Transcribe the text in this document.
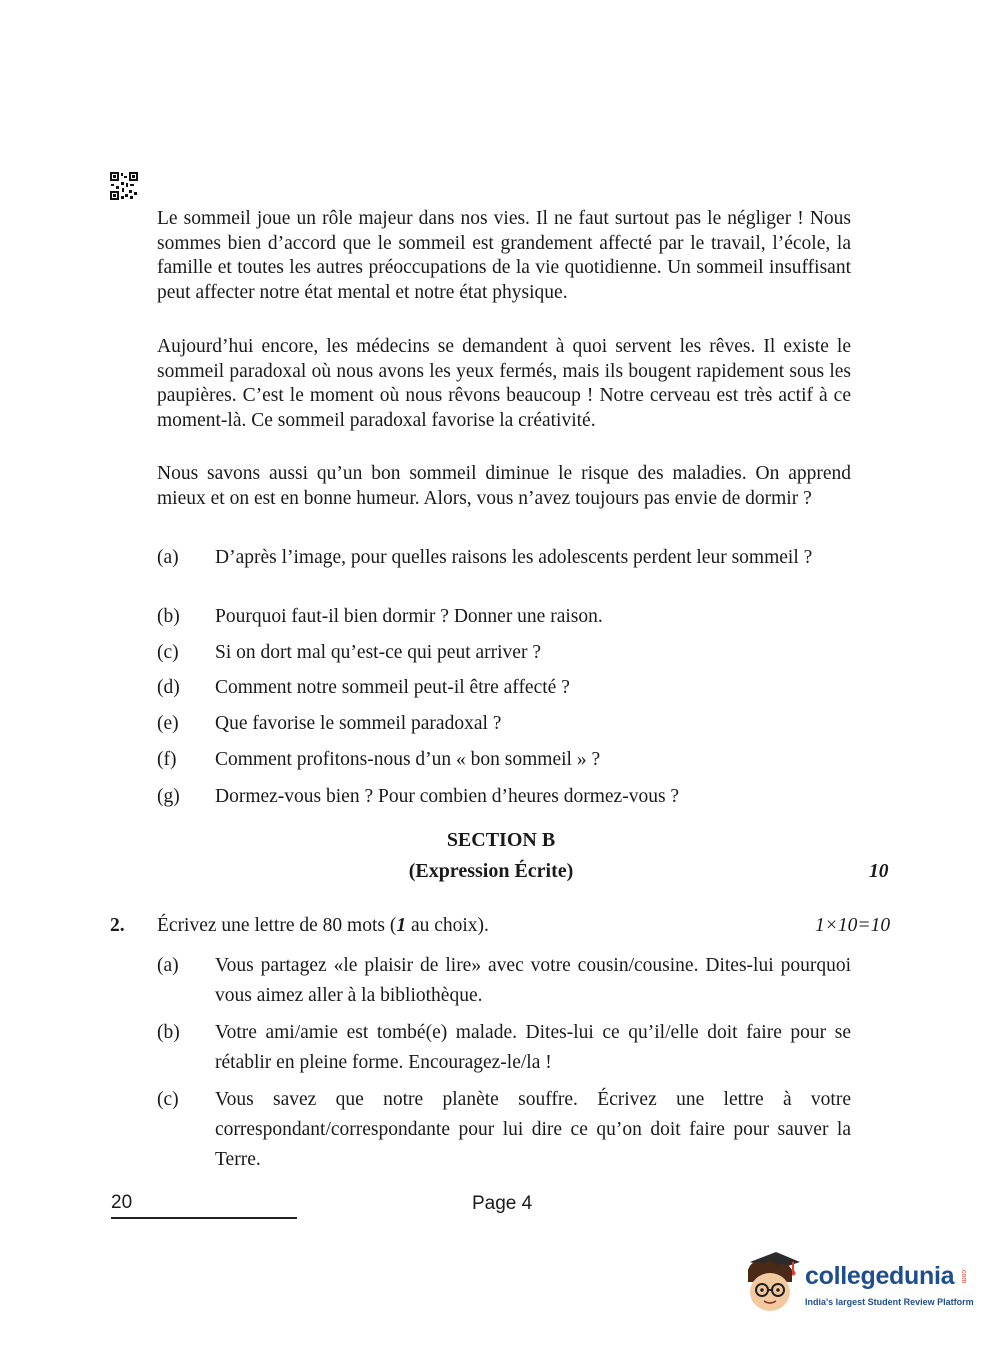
Le sommeil joue un rôle majeur dans nos vies. Il ne faut surtout pas le négliger ! Nous sommes bien d’accord que le sommeil est grandement affecté par le travail, l’école, la famille et toutes les autres préoccupations de la vie quotidienne. Un sommeil insuffisant peut affecter notre état mental et notre état physique.

Aujourd’hui encore, les médecins se demandent à quoi servent les rêves. Il existe le sommeil paradoxal où nous avons les yeux fermés, mais ils bougent rapidement sous les paupières. C’est le moment où nous rêvons beaucoup ! Notre cerveau est très actif à ce moment-là. Ce sommeil paradoxal favorise la créativité.

Nous savons aussi qu’un bon sommeil diminue le risque des maladies. On apprend mieux et on est en bonne humeur. Alors, vous n’avez toujours pas envie de dormir ?

(a) D’après l’image, pour quelles raisons les adolescents perdent leur sommeil ?
(b) Pourquoi faut-il bien dormir ? Donner une raison.
(c) Si on dort mal qu’est-ce qui peut arriver ?
(d) Comment notre sommeil peut-il être affecté ?
(e) Que favorise le sommeil paradoxal ?
(f) Comment profitons-nous d’un « bon sommeil » ?
(g) Dormez-vous bien ? Pour combien d’heures dormez-vous ?
SECTION B
(Expression Écrite)	10
2. Écrivez une lettre de 80 mots (1 au choix).	1×10=10
(a) Vous partagez «le plaisir de lire» avec votre cousin/cousine. Dites-lui pourquoi vous aimez aller à la bibliothèque.
(b) Votre ami/amie est tombé(e) malade. Dites-lui ce qu’il/elle doit faire pour se rétablir en pleine forme. Encouragez-le/la !
(c) Vous savez que notre planète souffre. Écrivez une lettre à votre correspondant/correspondante pour lui dire ce qu’on doit faire pour sauver la Terre.
20	Page 4
collegedunia .com
India's largest Student Review Platform
